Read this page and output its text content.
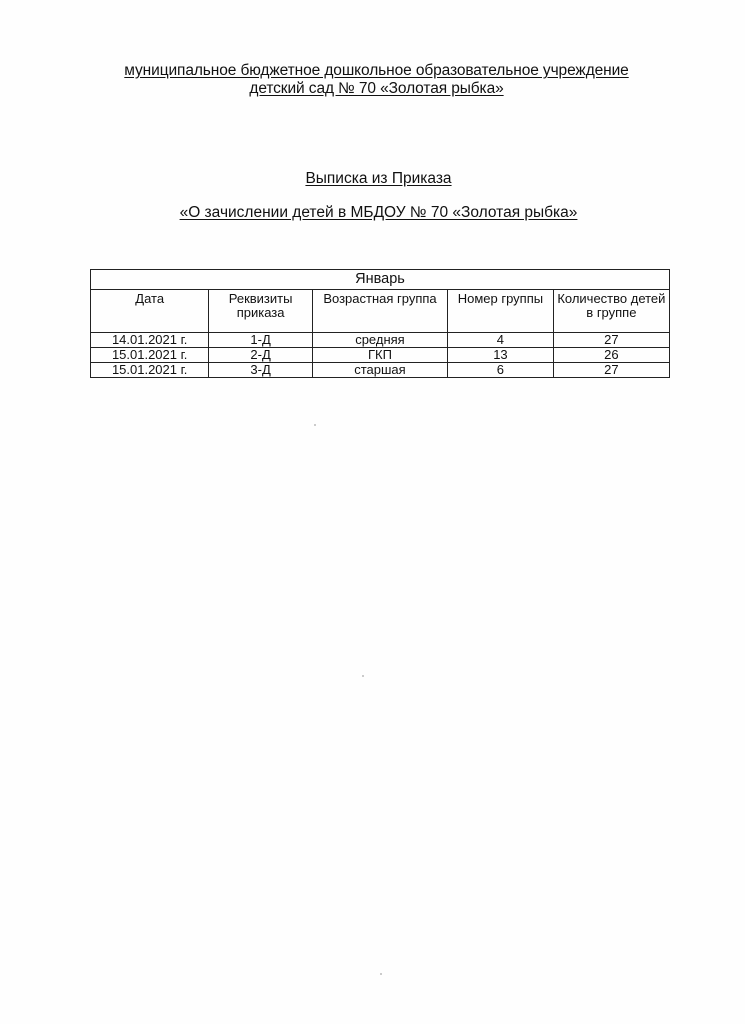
муниципальное бюджетное дошкольное образовательное учреждение
детский сад № 70 «Золотая рыбка»
Выписка из Приказа
«О зачислении детей в МБДОУ № 70 «Золотая рыбка»
Январь				
Дата	Реквизиты приказа	Возрастная группа	Номер группы	Количество детей в группе
14.01.2021 г.	1-Д	средняя	4	27
15.01.2021 г.	2-Д	ГКП	13	26
15.01.2021 г.	3-Д	старшая	6	27
